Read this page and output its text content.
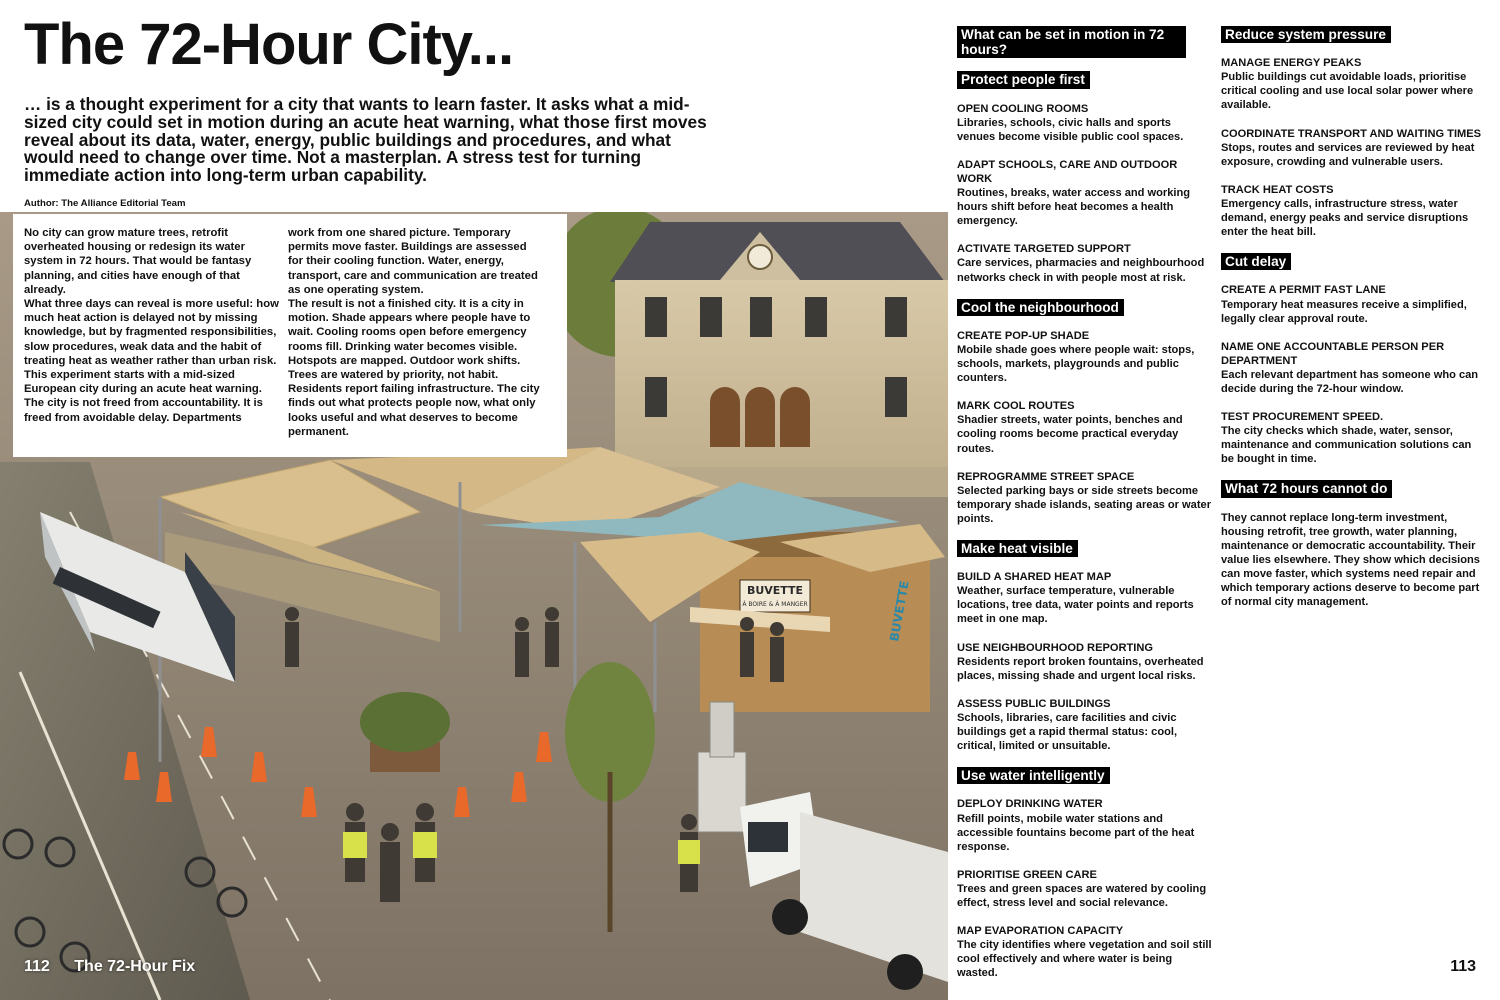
BUVETTE
À BOIRE & À MANGER	BUVETTE
The 72-Hour City...

… is a thought experiment for a city that wants to learn faster. It asks what a mid-sized city could set in motion during an acute heat warning, what those first moves reveal about its data, water, energy, public buildings and procedures, and what would need to change over time. Not a masterplan. A stress test for turning immediate action into long-term urban capability.

Author: The Alliance Editorial Team

No city can grow mature trees, retrofit overheated housing or redesign its water system in 72 hours. That would be fantasy planning, and cities have enough of that already.

What three days can reveal is more useful: how much heat action is delayed not by missing knowledge, but by fragmented responsibilities, slow procedures, weak data and the habit of treating heat as weather rather than urban risk.

This experiment starts with a mid-sized European city during an acute heat warning. The city is not freed from accountability. It is freed from avoidable delay. Departments

work from one shared picture. Temporary permits move faster. Buildings are assessed for their cooling function. Water, energy, transport, care and communication are treated as one operating system.

The result is not a finished city. It is a city in motion. Shade appears where people have to wait. Cooling rooms open before emergency rooms fill. Drinking water becomes visible. Hotspots are mapped. Outdoor work shifts. Trees are watered by priority, not habit. Residents report failing infrastructure. The city finds out what protects people now, what only looks useful and what deserves to become permanent.

112 The 72-Hour Fix
What can be set in motion in 72 hours?
Protect people first
OPEN COOLING ROOMS
Libraries, schools, civic halls and sports venues become visible public cool spaces.
ADAPT SCHOOLS, CARE AND OUTDOOR WORK
Routines, breaks, water access and working hours shift before heat becomes a health emergency.
ACTIVATE TARGETED SUPPORT
Care services, pharmacies and neighbourhood networks check in with people most at risk.
Cool the neighbourhood
CREATE POP-UP SHADE
Mobile shade goes where people wait: stops, schools, markets, playgrounds and public counters.
MARK COOL ROUTES
Shadier streets, water points, benches and cooling rooms become practical everyday routes.
REPROGRAMME STREET SPACE
Selected parking bays or side streets become temporary shade islands, seating areas or water points.
Make heat visible
BUILD A SHARED HEAT MAP
Weather, surface temperature, vulnerable locations, tree data, water points and reports meet in one map.
USE NEIGHBOURHOOD REPORTING
Residents report broken fountains, overheated places, missing shade and urgent local risks.
ASSESS PUBLIC BUILDINGS
Schools, libraries, care facilities and civic buildings get a rapid thermal status: cool, critical, limited or unsuitable.
Use water intelligently
DEPLOY DRINKING WATER
Refill points, mobile water stations and accessible fountains become part of the heat response.
PRIORITISE GREEN CARE
Trees and green spaces are watered by cooling effect, stress level and social relevance.
MAP EVAPORATION CAPACITY
The city identifies where vegetation and soil still cool effectively and where water is being wasted.
Reduce system pressure
MANAGE ENERGY PEAKS
Public buildings cut avoidable loads, prioritise critical cooling and use local solar power where available.
COORDINATE TRANSPORT AND WAITING TIMES
Stops, routes and services are reviewed by heat exposure, crowding and vulnerable users.
TRACK HEAT COSTS
Emergency calls, infrastructure stress, water demand, energy peaks and service disruptions enter the heat bill.
Cut delay
CREATE A PERMIT FAST LANE
Temporary heat measures receive a simplified, legally clear approval route.
NAME ONE ACCOUNTABLE PERSON PER DEPARTMENT
Each relevant department has someone who can decide during the 72-hour window.
TEST PROCUREMENT SPEED.
The city checks which shade, water, sensor, maintenance and communication solutions can be bought in time.
What 72 hours cannot do

They cannot replace long-term investment, housing retrofit, tree growth, water planning, maintenance or democratic accountability. Their value lies elsewhere. They show which decisions can move faster, which systems need repair and which temporary actions deserve to become part of normal city management.

113
